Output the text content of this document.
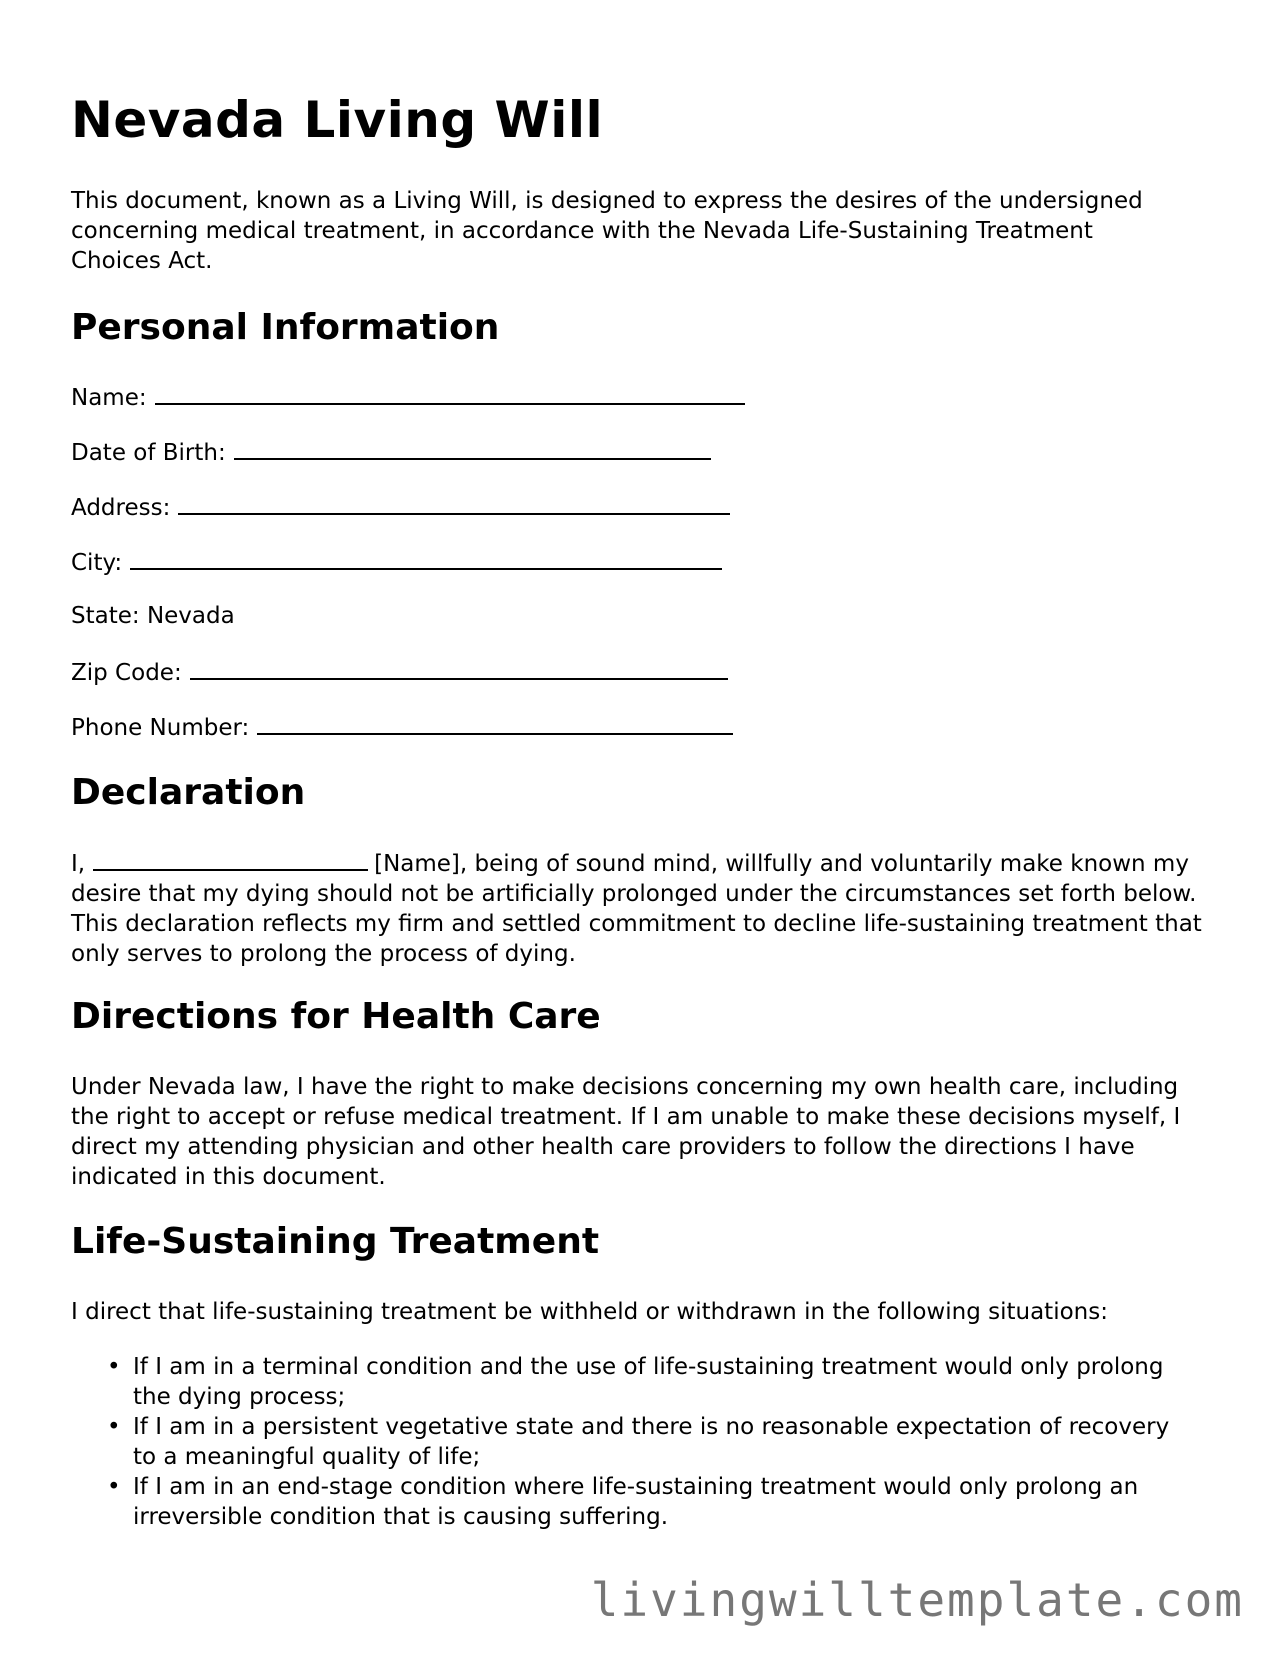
Nevada Living Will

This document, known as a Living Will, is designed to express the desires of the undersigned concerning medical treatment, in accordance with the Nevada Life-Sustaining Treatment Choices Act.

Personal Information
Name:
Date of Birth:
Address:
City:
State: Nevada
Zip Code:
Phone Number:
Declaration

I,	[Name], being of sound mind, willfully and voluntarily make known my desire that my dying should not be artificially prolonged under the circumstances set forth below. This declaration reflects my firm and settled commitment to decline life-sustaining treatment that only serves to prolong the process of dying.

Directions for Health Care

Under Nevada law, I have the right to make decisions concerning my own health care, including the right to accept or refuse medical treatment. If I am unable to make these decisions myself, I direct my attending physician and other health care providers to follow the directions I have indicated in this document.

Life-Sustaining Treatment

I direct that life-sustaining treatment be withheld or withdrawn in the following situations:

• If I am in a terminal condition and the use of life-sustaining treatment would only prolong the dying process;
• If I am in a persistent vegetative state and there is no reasonable expectation of recovery to a meaningful quality of life;
• If I am in an end-stage condition where life-sustaining treatment would only prolong an irreversible condition that is causing suffering.
livingwilltemplate.com
